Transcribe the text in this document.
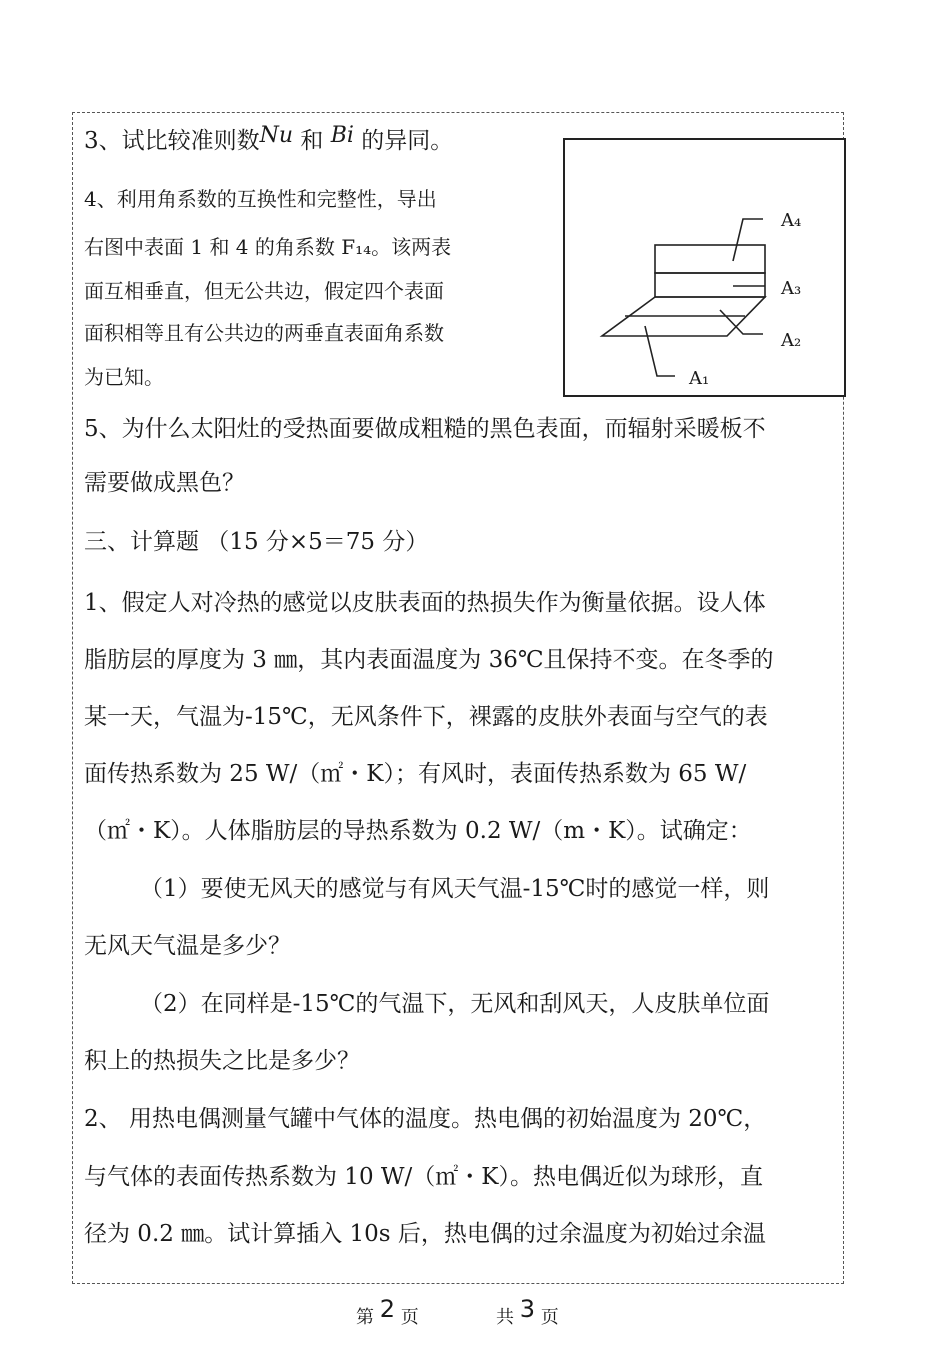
3、试比较准则数Nu 和 Bi 的异同。
4、利用角系数的互换性和完整性，导出
右图中表面 1 和 4 的角系数 F₁₄。该两表
面互相垂直，但无公共边，假定四个表面
面积相等且有公共边的两垂直表面角系数
为已知。
A₄
A₃
A₂
A₁
5、为什么太阳灶的受热面要做成粗糙的黑色表面，而辐射采暖板不
需要做成黑色？
三、计算题 （15 分×5＝75 分）
1、假定人对冷热的感觉以皮肤表面的热损失作为衡量依据。设人体
脂肪层的厚度为 3 ㎜，其内表面温度为 36℃且保持不变。在冬季的
某一天，气温为-15℃，无风条件下，裸露的皮肤外表面与空气的表
面传热系数为 25 W/（㎡・K）；有风时，表面传热系数为 65 W/
（㎡・K）。人体脂肪层的导热系数为 0.2 W/（m・K）。试确定：
（1）要使无风天的感觉与有风天气温-15℃时的感觉一样，则
无风天气温是多少？
（2）在同样是-15℃的气温下，无风和刮风天，人皮肤单位面
积上的热损失之比是多少？
2、 用热电偶测量气罐中气体的温度。热电偶的初始温度为 20℃，
与气体的表面传热系数为 10 W/（㎡・K）。热电偶近似为球形，直
径为 0.2 ㎜。试计算插入 10s 后，热电偶的过余温度为初始过余温
第 2 页	共 3 页
